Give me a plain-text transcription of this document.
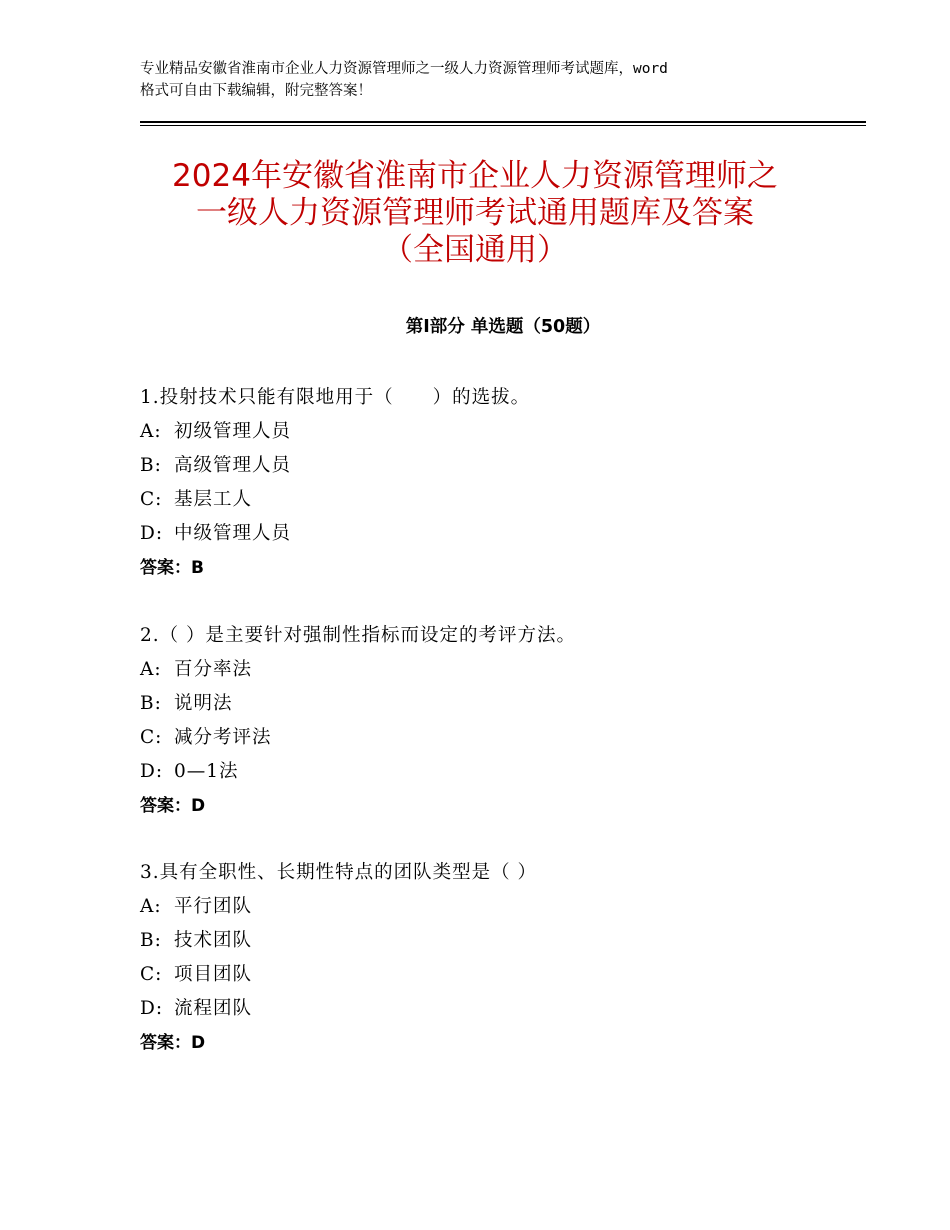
专业精品安徽省淮南市企业人力资源管理师之一级人力资源管理师考试题库，word
格式可自由下载编辑，附完整答案！
2024年安徽省淮南市企业人力资源管理师之
一级人力资源管理师考试通用题库及答案
（全国通用）
第Ⅰ部分 单选题（50题）
1.投射技术只能有限地用于（　　）的选拔。
A: 初级管理人员
B: 高级管理人员
C: 基层工人
D: 中级管理人员
答案：B
2.（ ）是主要针对强制性指标而设定的考评方法。
A: 百分率法
B: 说明法
C: 减分考评法
D: 0—1法
答案：D
3.具有全职性、长期性特点的团队类型是（ ）
A: 平行团队
B: 技术团队
C: 项目团队
D: 流程团队
答案：D
